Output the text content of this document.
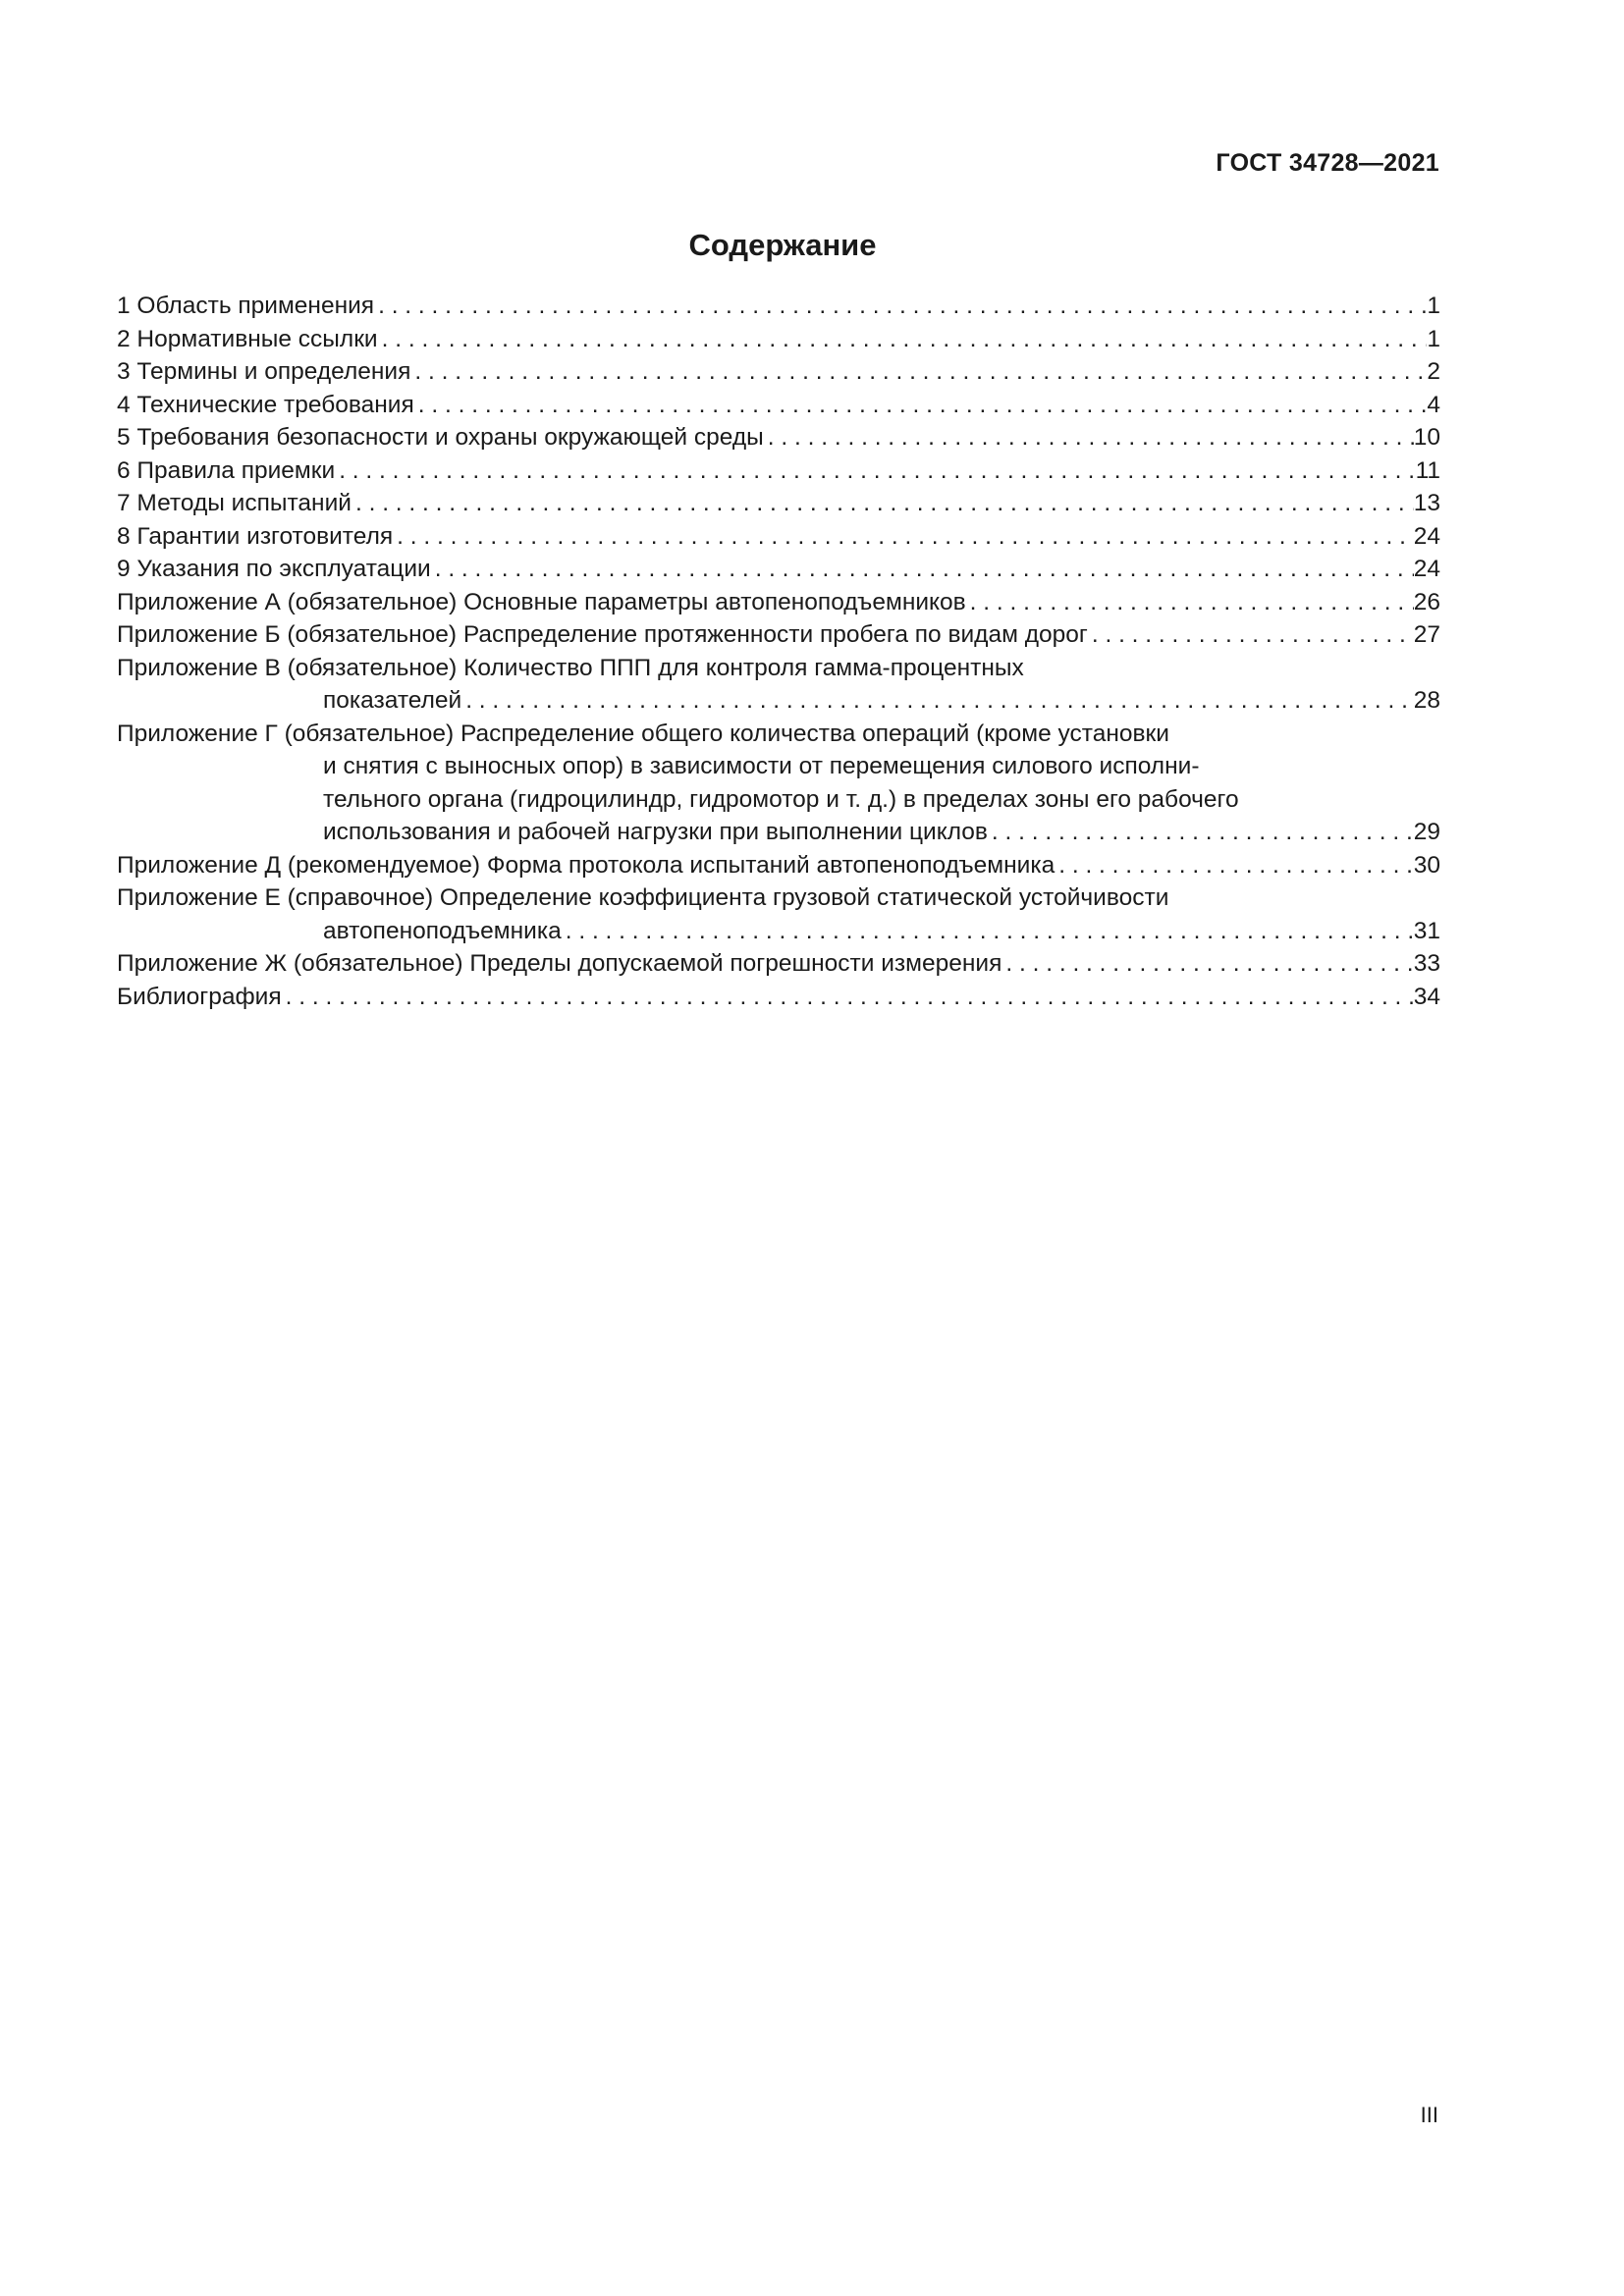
ГОСТ 34728—2021
Содержание
1 Область применения . . .	1
2 Нормативные ссылки . . .	1
3 Термины и определения . . .	2
4 Технические требования . . .	4
5 Требования безопасности и охраны окружающей среды . . .	10
6 Правила приемки . . .	11
7 Методы испытаний . . .	13
8 Гарантии изготовителя . . .	24
9 Указания по эксплуатации . . .	24
Приложение А (обязательное) Основные параметры автопеноподъемников . . .	26
Приложение Б (обязательное) Распределение протяженности пробега по видам дорог . . .	27
Приложение В (обязательное) Количество ППП для контроля гамма-процентных
показателей . . .	28
Приложение Г (обязательное) Распределение общего количества операций (кроме установки
и снятия с выносных опор) в зависимости от перемещения силового исполни-
тельного органа (гидроцилиндр, гидромотор и т. д.) в пределах зоны его рабочего
использования и рабочей нагрузки при выполнении циклов . . .	29
Приложение Д (рекомендуемое) Форма протокола испытаний автопеноподъемника . . .	30
Приложение Е (справочное) Определение коэффициента грузовой статической устойчивости
автопеноподъемника . . .	31
Приложение Ж (обязательное) Пределы допускаемой погрешности измерения . . .	33
Библиография . . .	34
III
